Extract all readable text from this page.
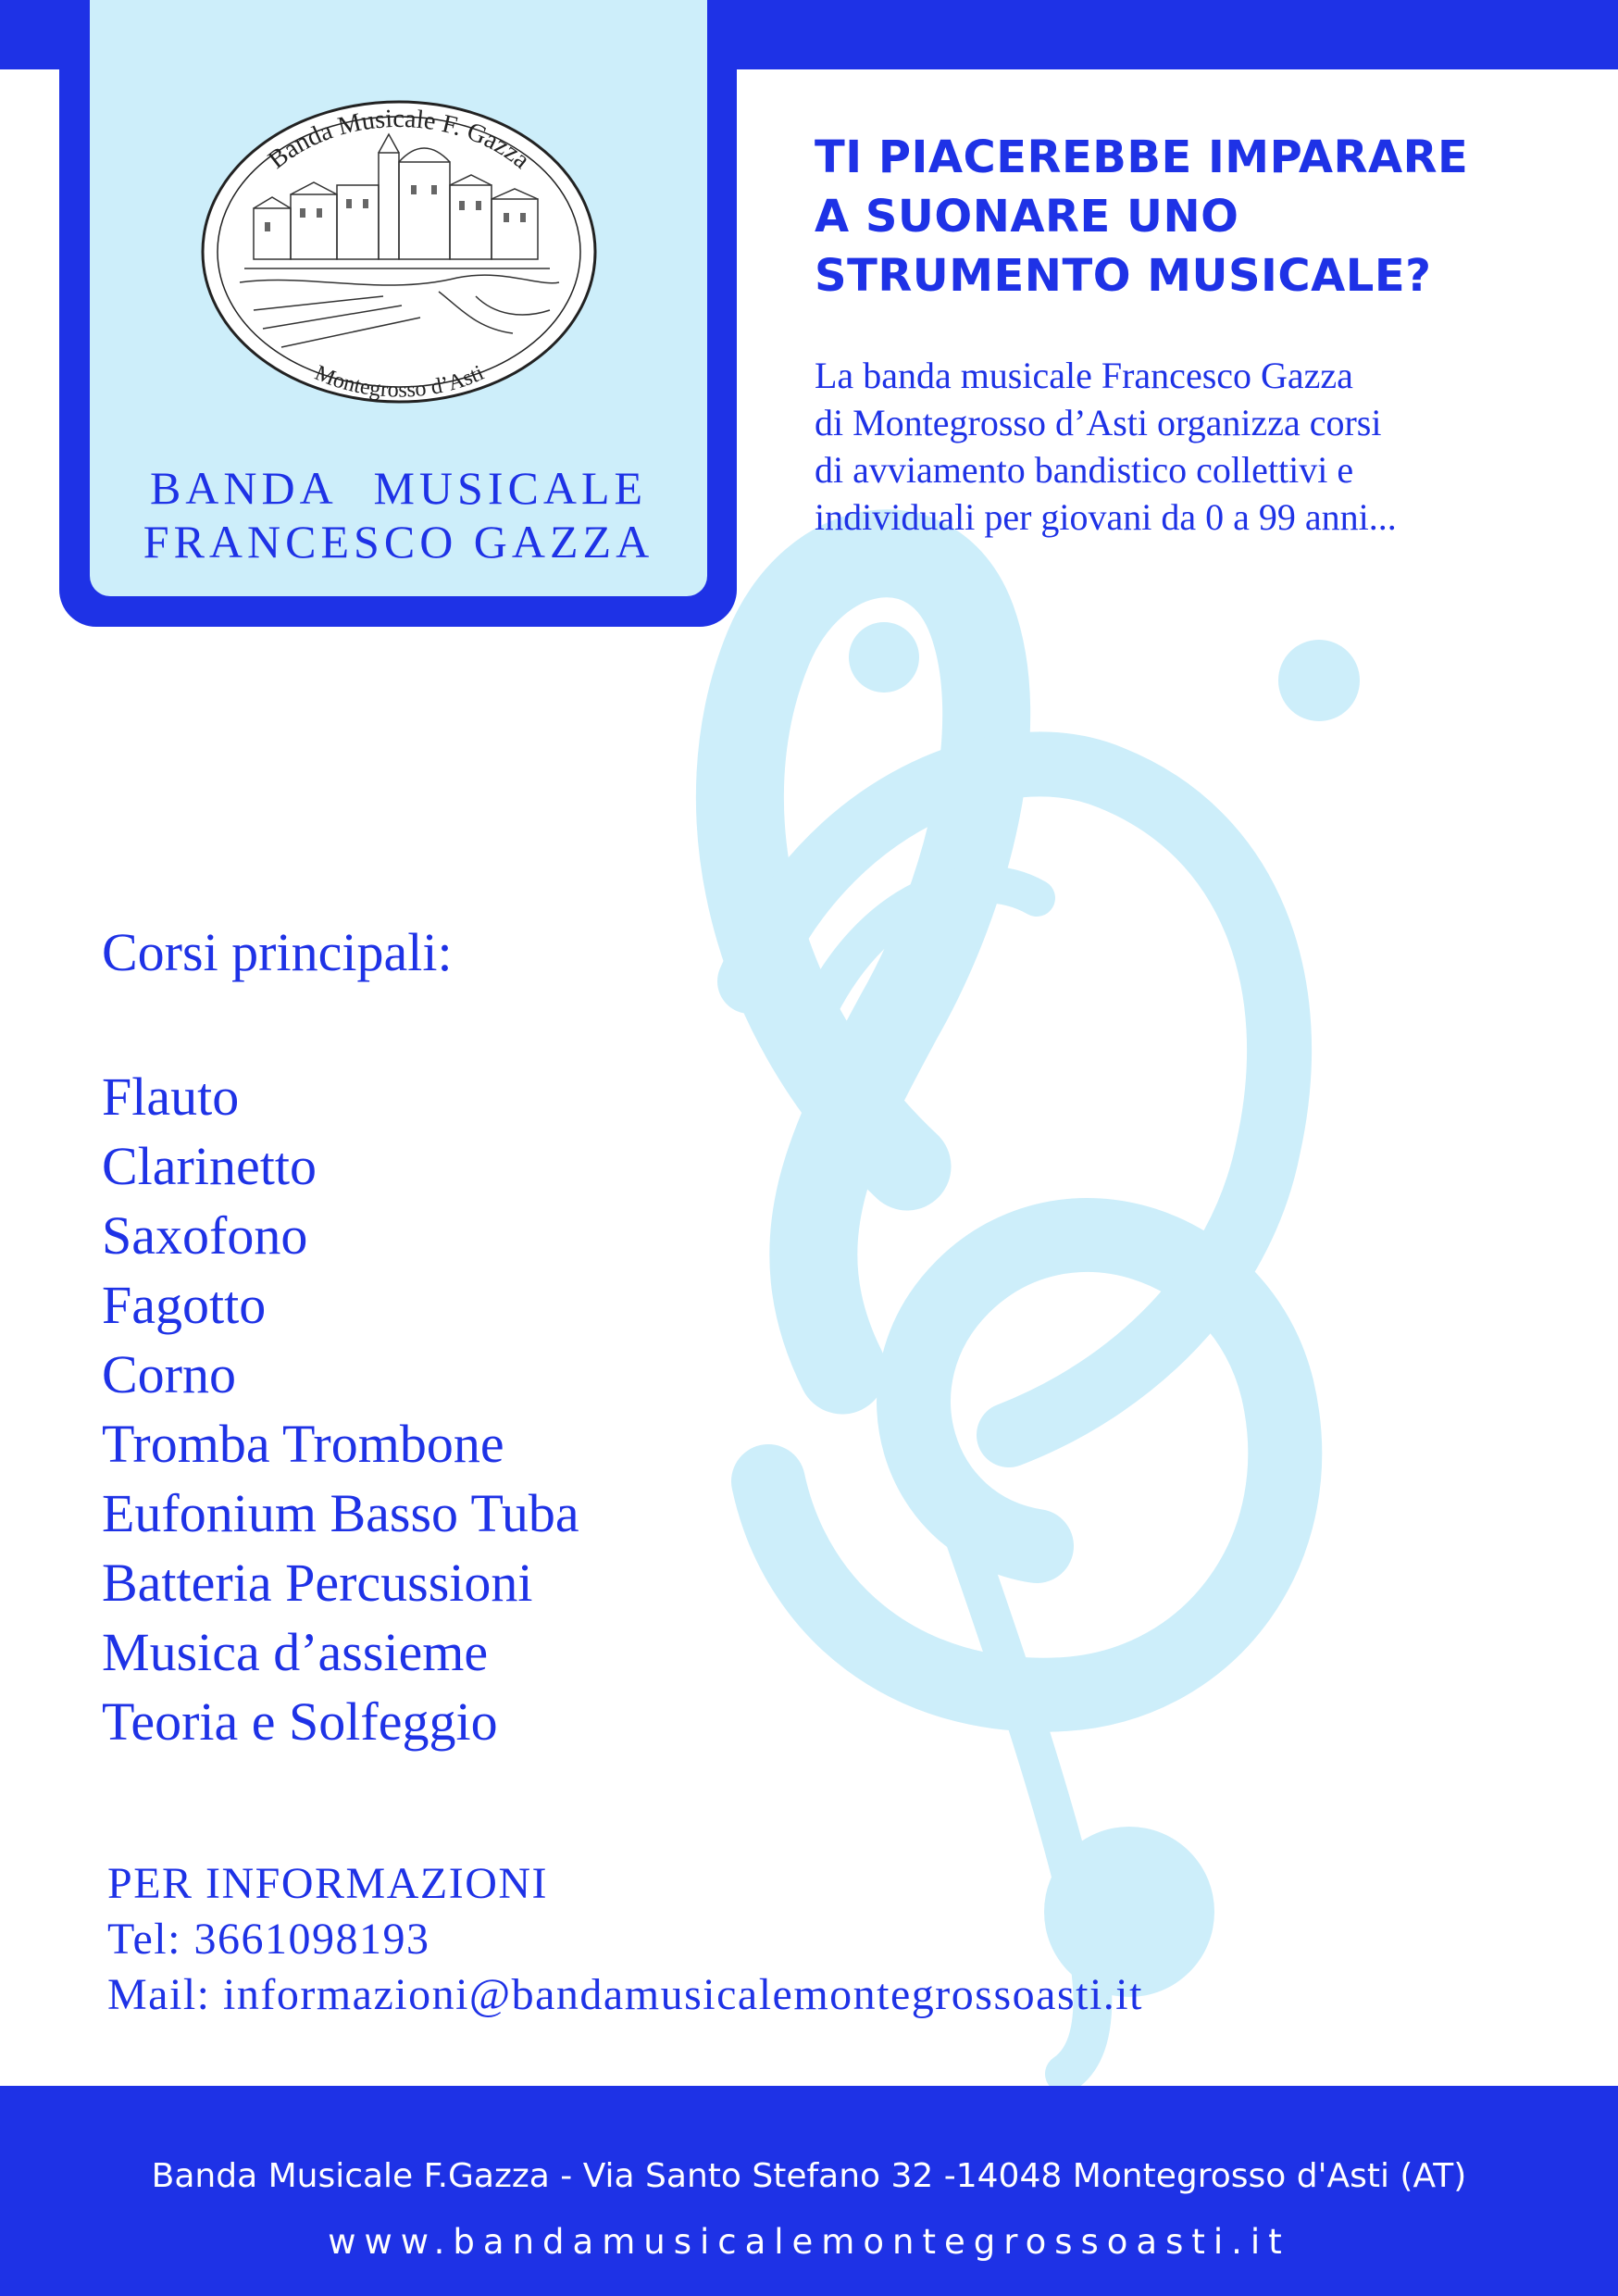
Banda Musicale F. Gazza
Montegrosso d’Asti
BANDA MUSICALE
FRANCESCO GAZZA
TI PIACEREBBE IMPARARE
A SUONARE UNO
STRUMENTO MUSICALE?
La banda musicale Francesco Gazza
di Montegrosso d’Asti organizza corsi
di avviamento bandistico collettivi e
individuali per giovani da 0 a 99 anni...
Corsi principali:
Flauto
Clarinetto
Saxofono
Fagotto
Corno
Tromba Trombone
Eufonium Basso Tuba
Batteria Percussioni
Musica d’assieme
Teoria e Solfeggio
PER INFORMAZIONI
Tel: 3661098193
Mail: informazioni@bandamusicalemontegrossoasti.it
Banda Musicale F.Gazza - Via Santo Stefano 32 -14048 Montegrosso d'Asti (AT)
www.bandamusicalemontegrossoasti.it
